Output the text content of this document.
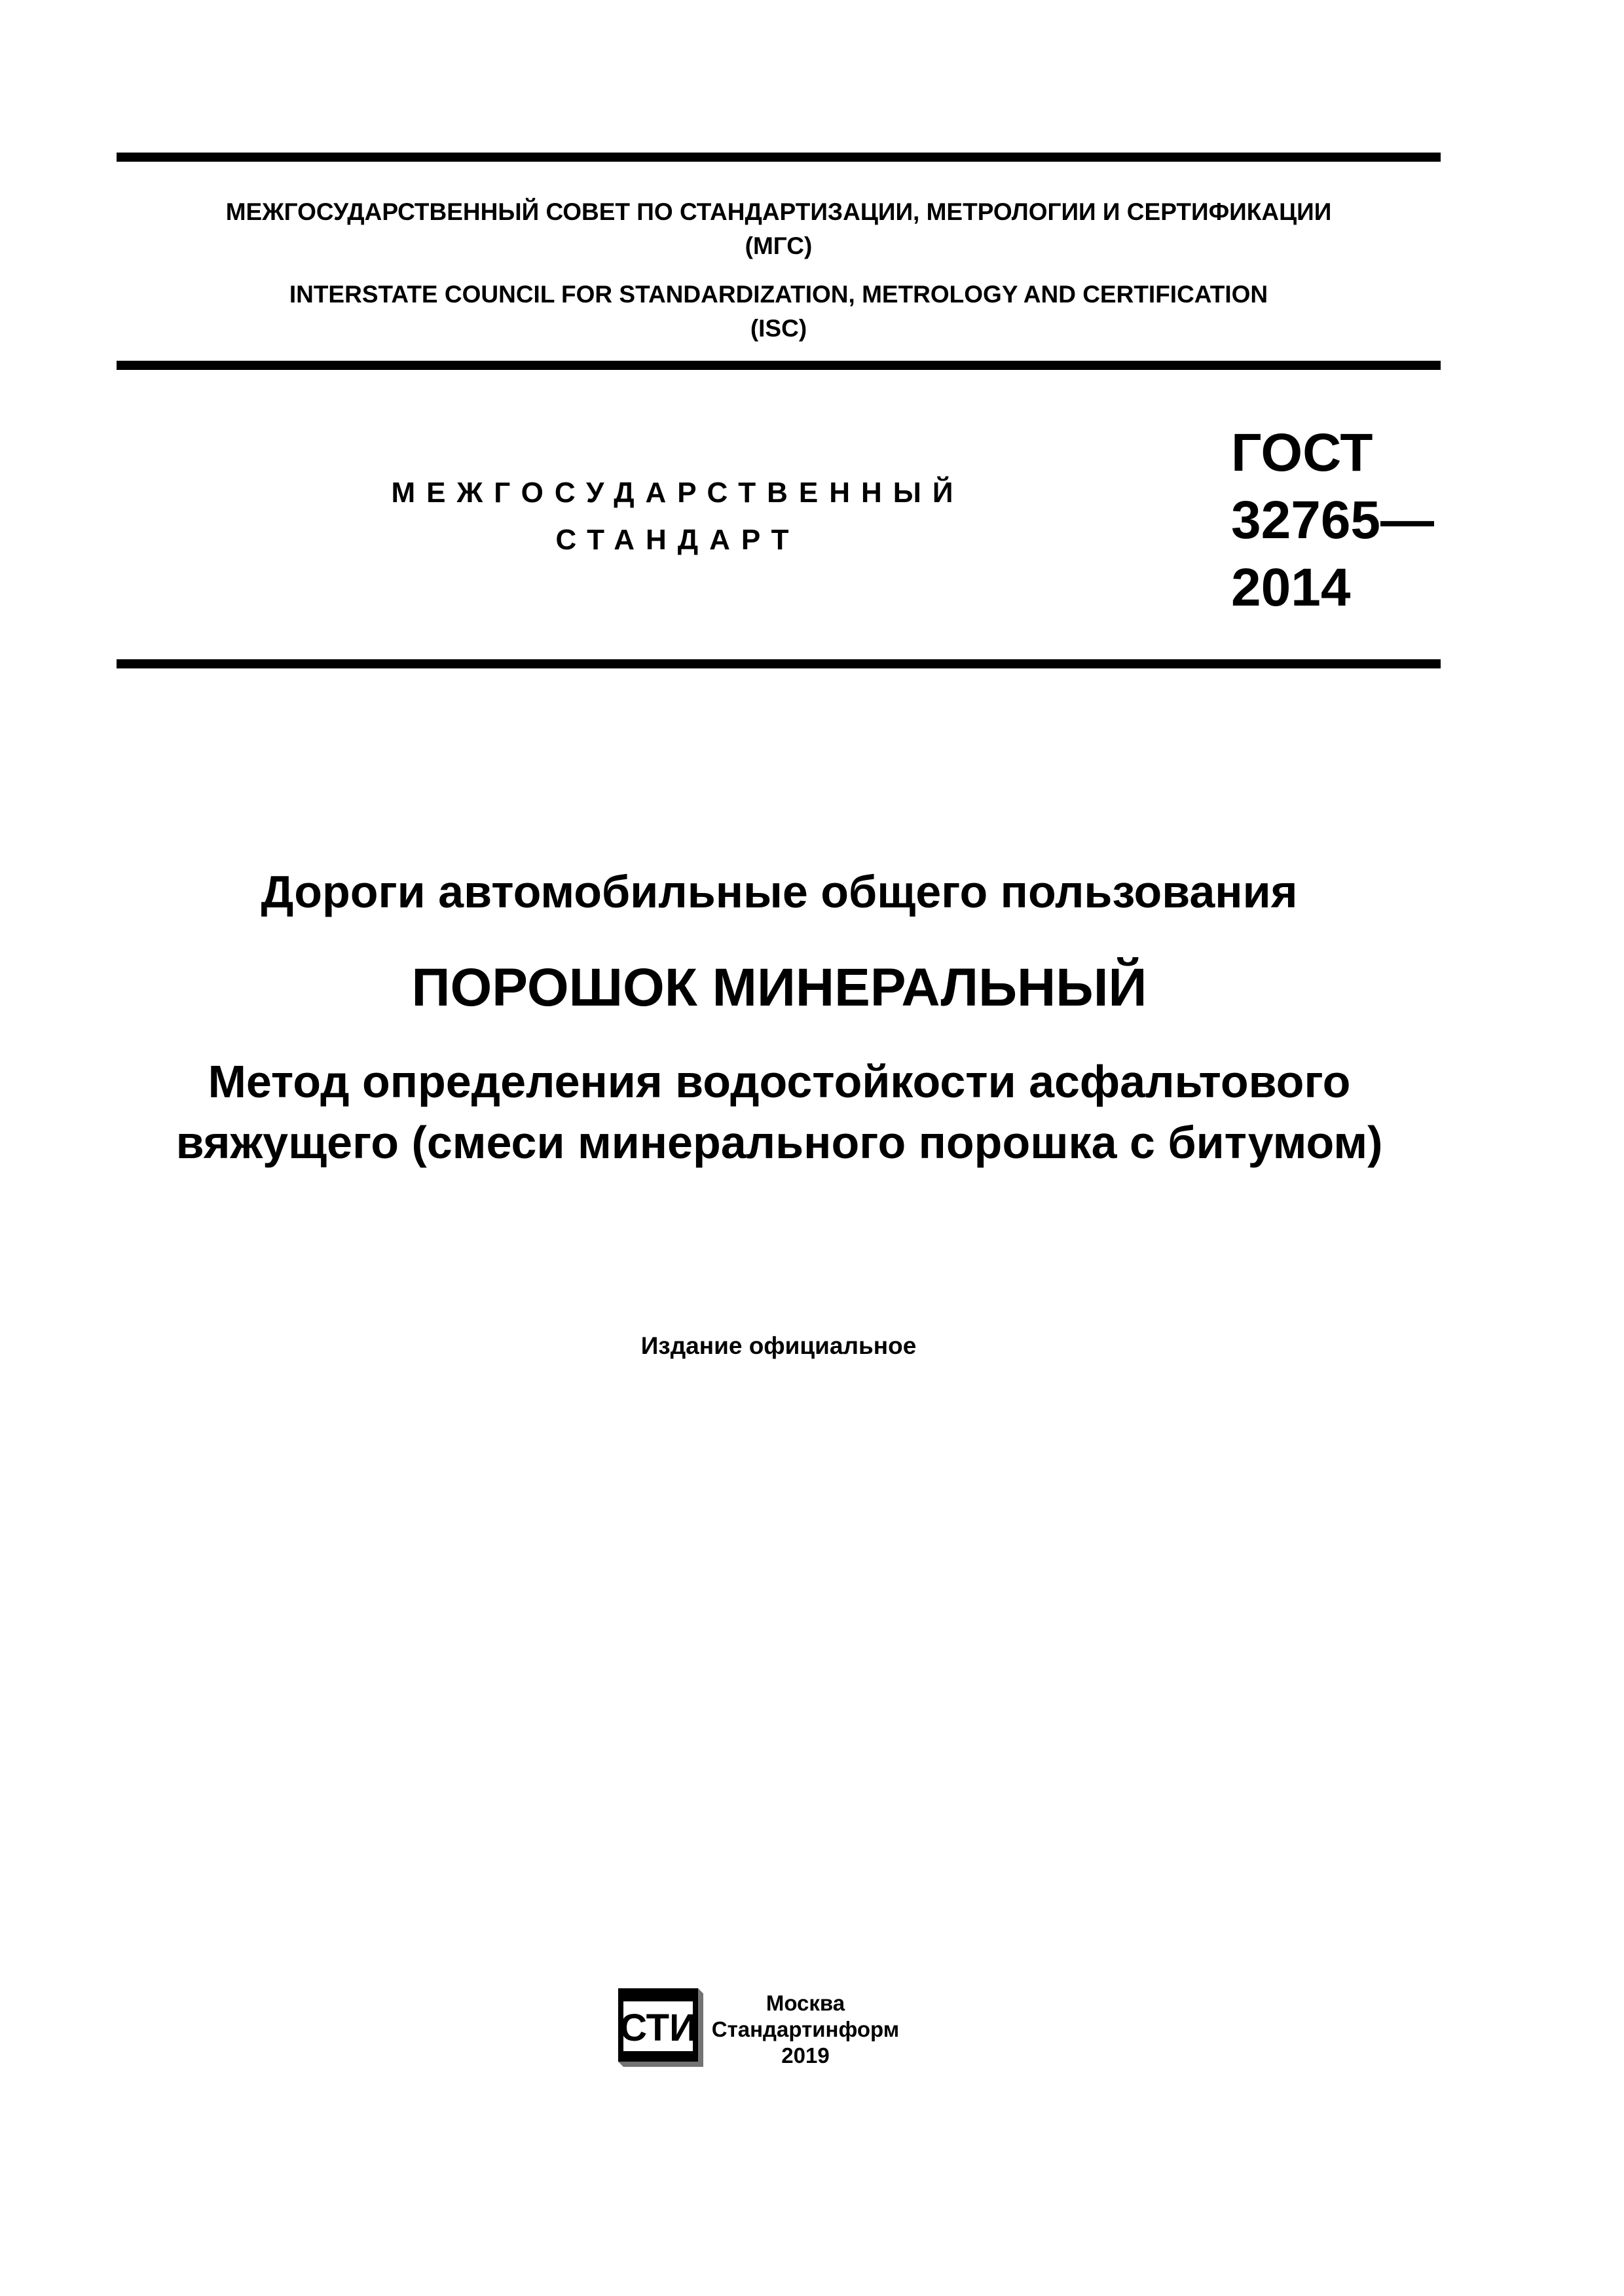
МЕЖГОСУДАРСТВЕННЫЙ СОВЕТ ПО СТАНДАРТИЗАЦИИ, МЕТРОЛОГИИ И СЕРТИФИКАЦИИ
(МГС)
INTERSTATE COUNCIL FOR STANDARDIZATION, METROLOGY AND CERTIFICATION
(ISC)
МЕЖГОСУДАРСТВЕННЫЙ
СТАНДАРТ
ГОСТ
32765—
2014
Дороги автомобильные общего пользования
ПОРОШОК МИНЕРАЛЬНЫЙ
Метод определения водостойкости асфальтового
вяжущего (смеси минерального порошка с битумом)
Издание официальное
СТИ
Москва
Стандартинформ
2019
